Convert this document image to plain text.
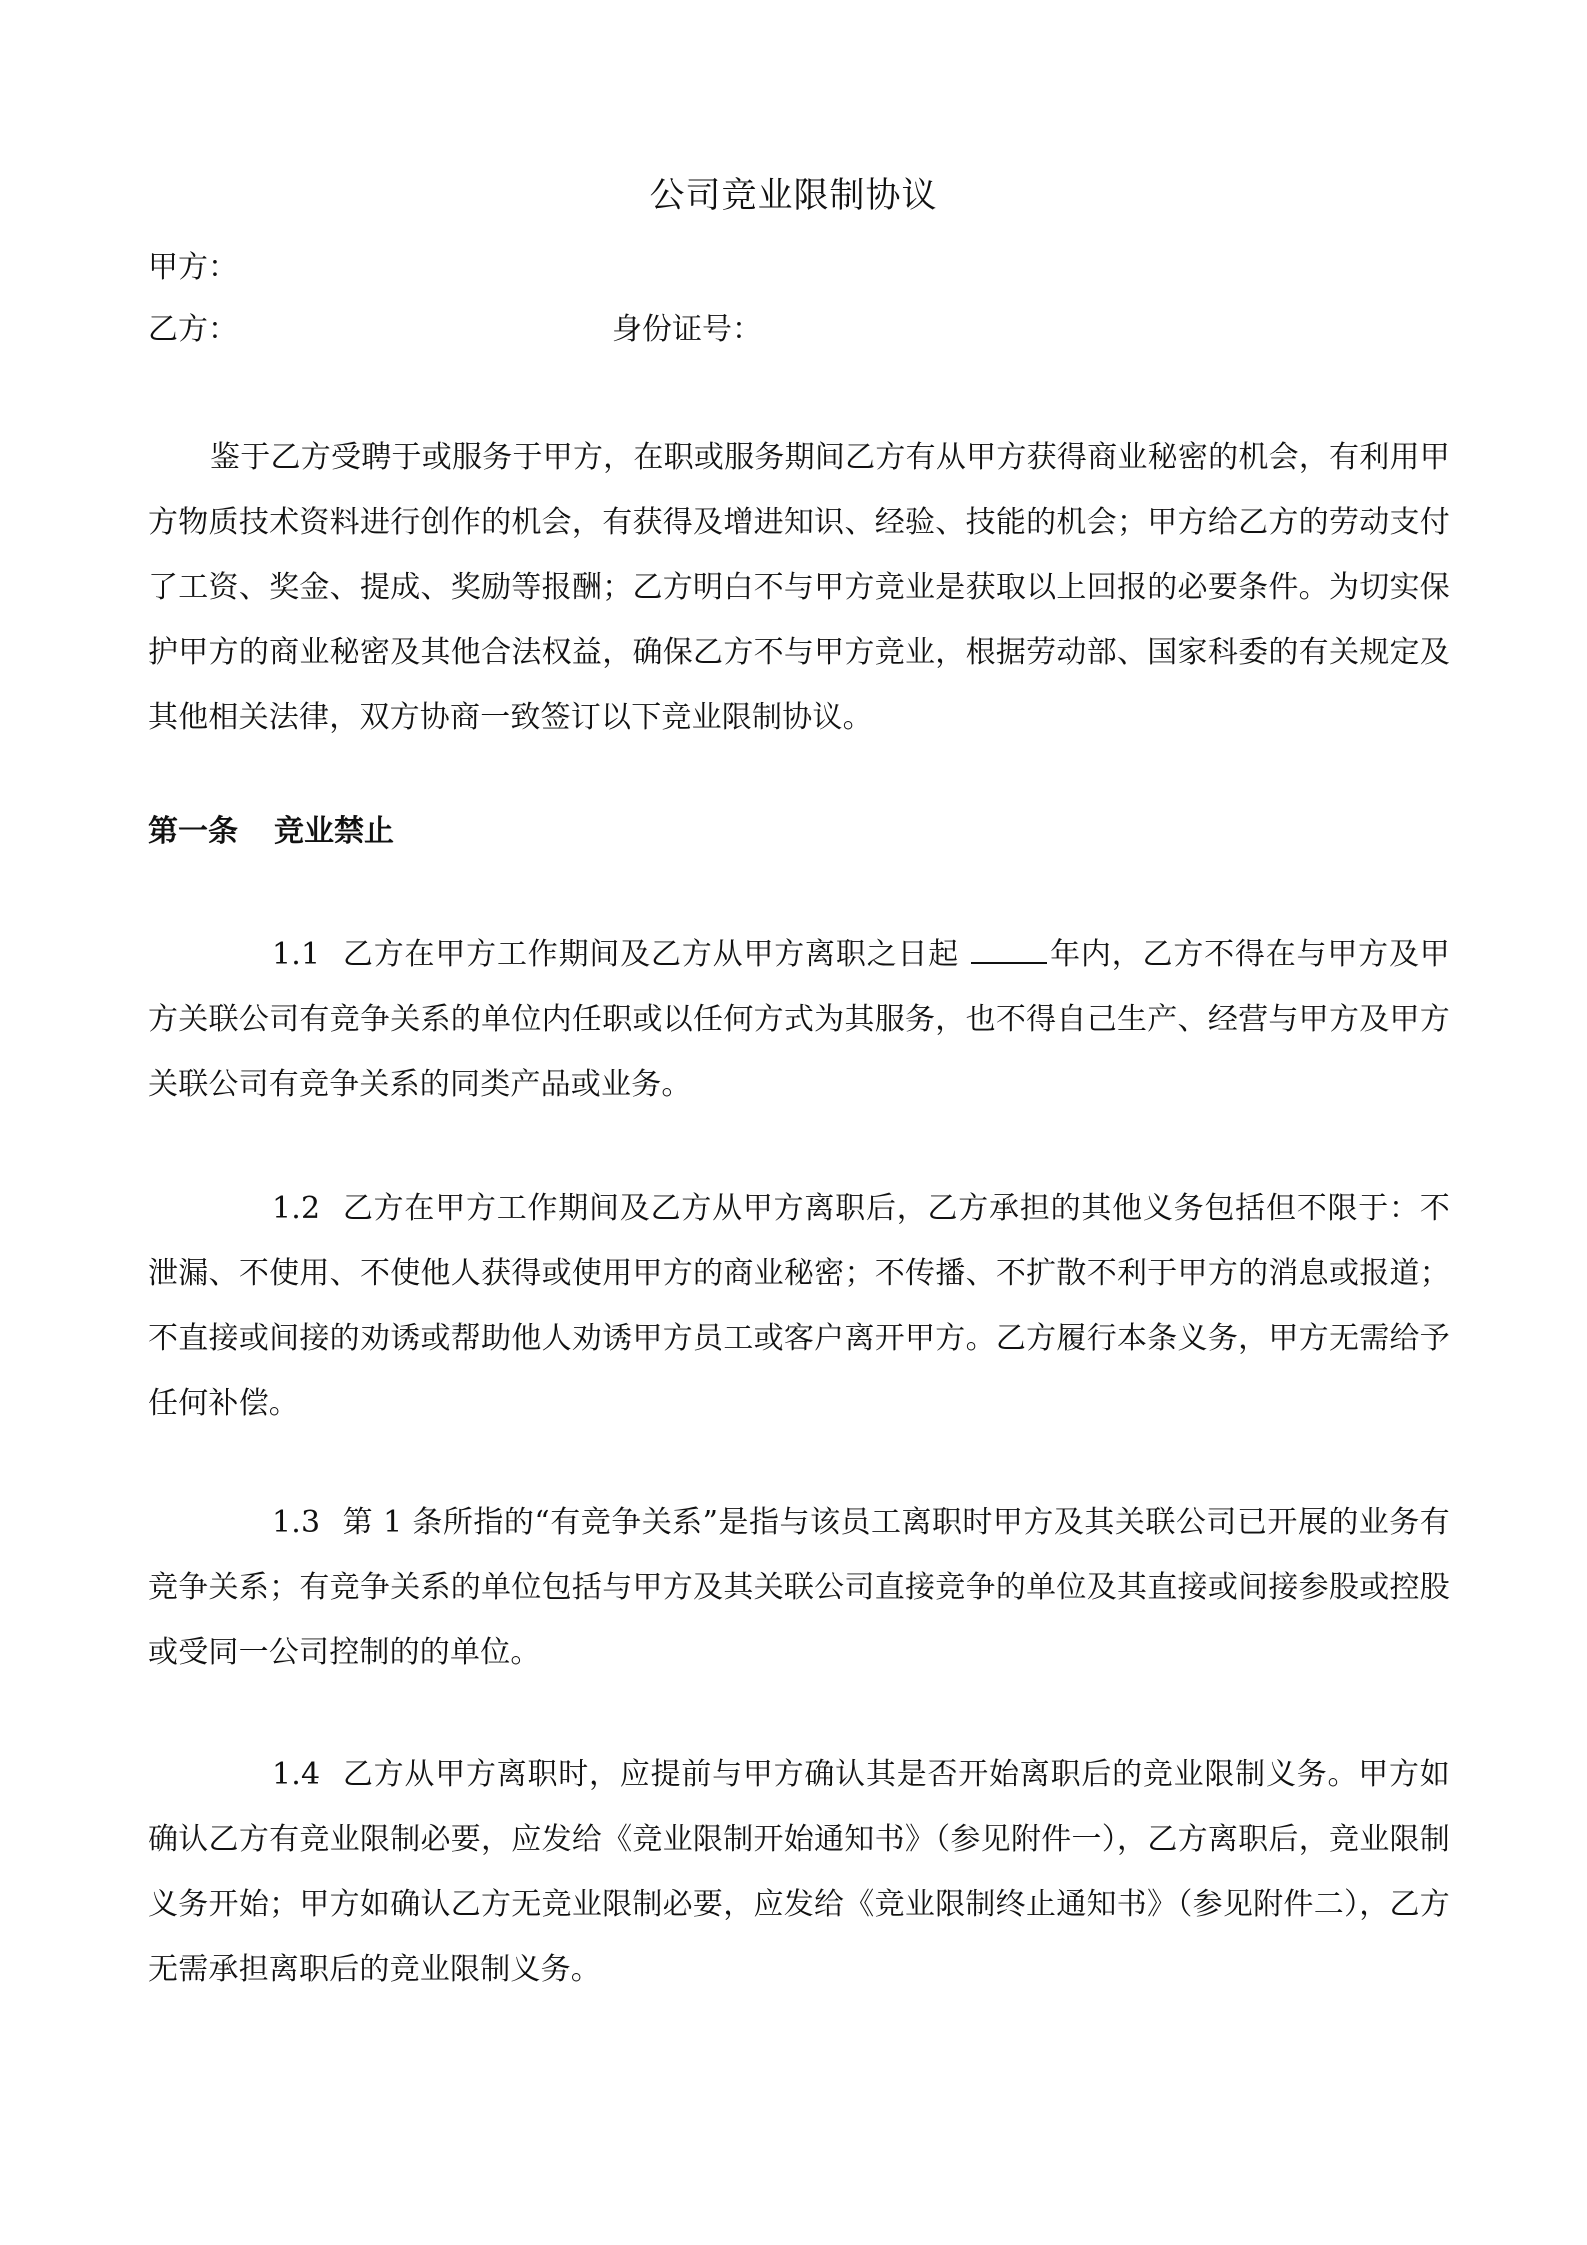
公司竞业限制协议
甲方：
乙方：	身份证号：

鉴于乙方受聘于或服务于甲方，在职或服务期间乙方有从甲方获得商业秘密的机会，有利用甲方物质技术资料进行创作的机会，有获得及增进知识、经验、技能的机会；甲方给乙方的劳动支付了工资、奖金、提成、奖励等报酬；乙方明白不与甲方竞业是获取以上回报的必要条件。为切实保护甲方的商业秘密及其他合法权益，确保乙方不与甲方竞业，根据劳动部、国家科委的有关规定及其他相关法律，双方协商一致签订以下竞业限制协议。

第一条 竞业禁止

1.1 乙方在甲方工作期间及乙方从甲方离职之日起	年内，乙方不得在与甲方及甲方关联公司有竞争关系的单位内任职或以任何方式为其服务，也不得自己生产、经营与甲方及甲方关联公司有竞争关系的同类产品或业务。

1.2 乙方在甲方工作期间及乙方从甲方离职后，乙方承担的其他义务包括但不限于：不泄漏、不使用、不使他人获得或使用甲方的商业秘密；不传播、不扩散不利于甲方的消息或报道；不直接或间接的劝诱或帮助他人劝诱甲方员工或客户离开甲方。乙方履行本条义务，甲方无需给予任何补偿。

1.3 第 1 条所指的“有竞争关系”是指与该员工离职时甲方及其关联公司已开展的业务有竞争关系；有竞争关系的单位包括与甲方及其关联公司直接竞争的单位及其直接或间接参股或控股或受同一公司控制的的单位。

1.4 乙方从甲方离职时，应提前与甲方确认其是否开始离职后的竞业限制义务。甲方如确认乙方有竞业限制必要，应发给《竞业限制开始通知书》（参见附件一），乙方离职后，竞业限制义务开始；甲方如确认乙方无竞业限制必要，应发给《竞业限制终止通知书》（参见附件二），乙方无需承担离职后的竞业限制义务。
